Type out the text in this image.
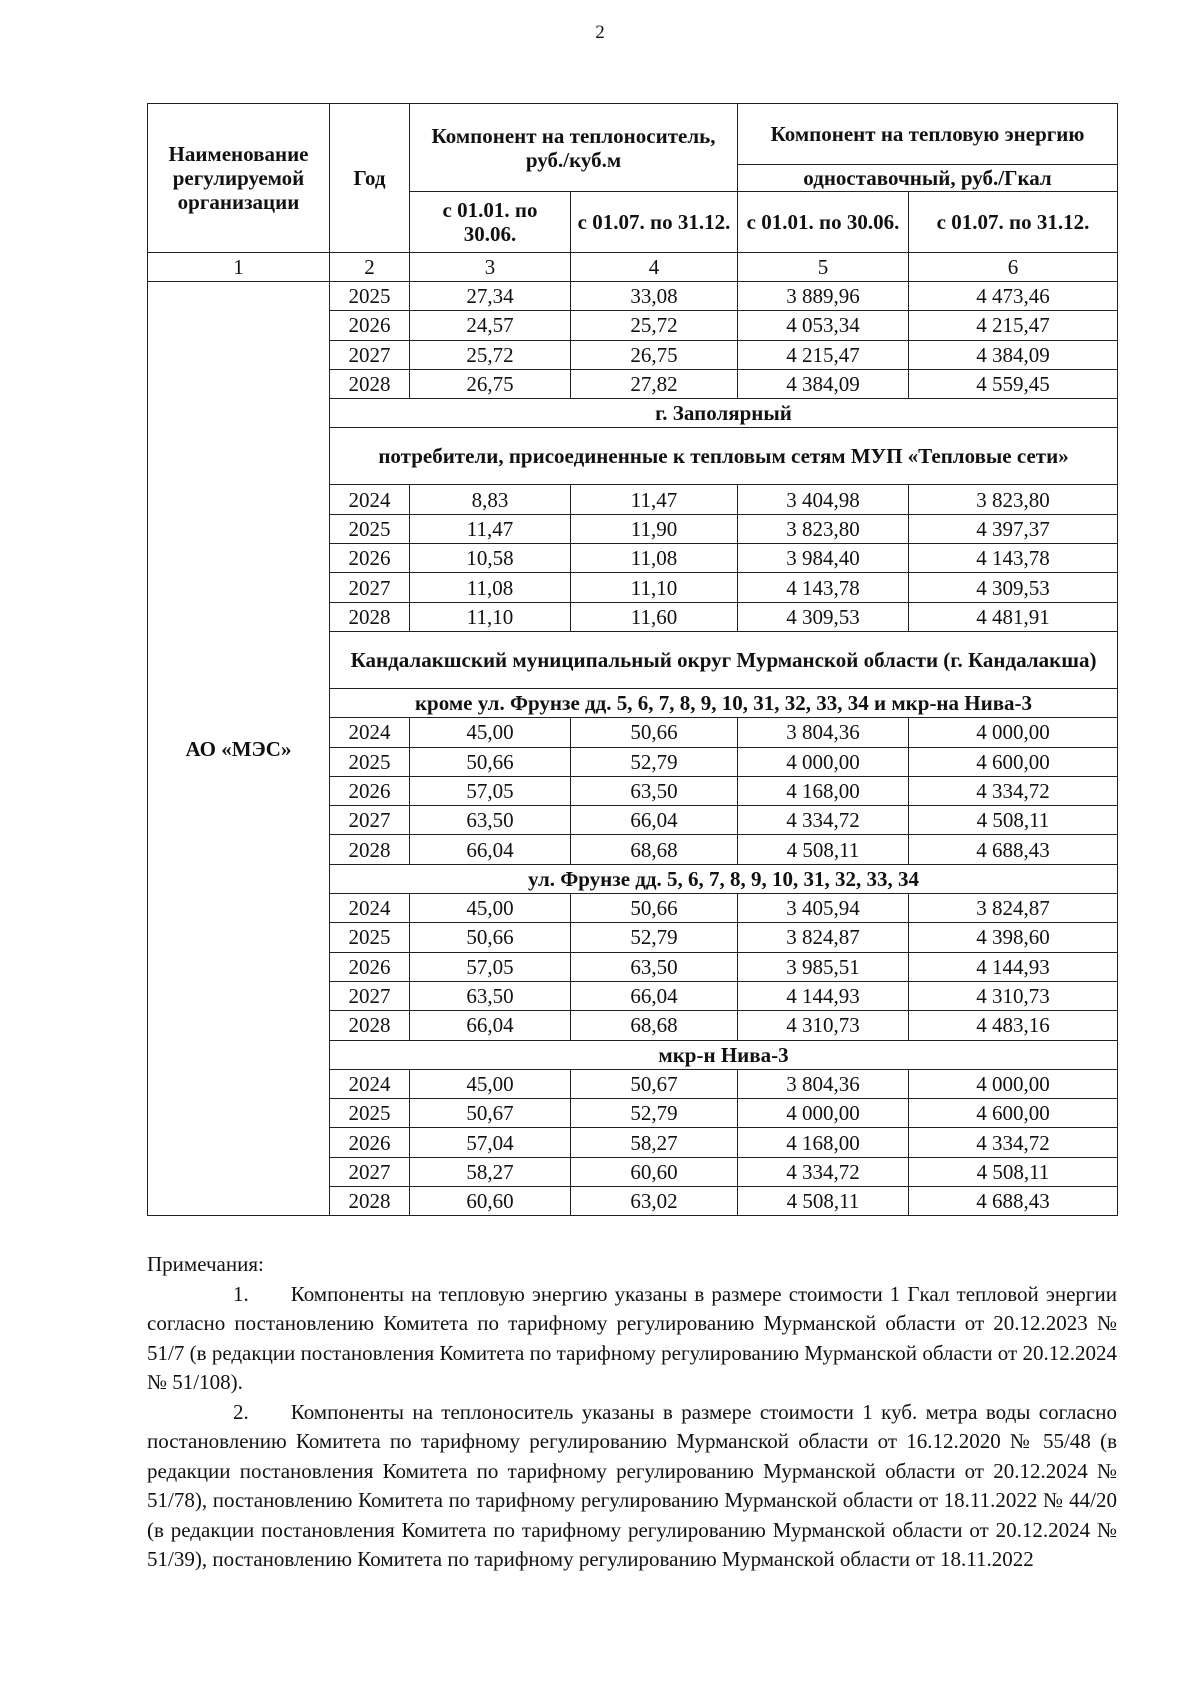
2
Наименование регулируемой организации	Год	Компонент на теплоноситель, руб./куб.м		Компонент на тепловую энергию	
				одноставочный, руб./Гкал	
		с 01.01. по 30.06.	с 01.07. по 31.12.	с 01.01. по 30.06.	с 01.07. по 31.12.
1	2	3	4	5	6
АО «МЭС»	2025	27,34	33,08	3 889,96	4 473,46
	2026	24,57	25,72	4 053,34	4 215,47
	2027	25,72	26,75	4 215,47	4 384,09
	2028	26,75	27,82	4 384,09	4 559,45
	г. Заполярный				
	потребители, присоединенные к тепловым сетям МУП «Тепловые сети»				
	2024	8,83	11,47	3 404,98	3 823,80
	2025	11,47	11,90	3 823,80	4 397,37
	2026	10,58	11,08	3 984,40	4 143,78
	2027	11,08	11,10	4 143,78	4 309,53
	2028	11,10	11,60	4 309,53	4 481,91
	Кандалакшский муниципальный округ Мурманской области (г. Кандалакша)				
	кроме ул. Фрунзе дд. 5, 6, 7, 8, 9, 10, 31, 32, 33, 34 и мкр-на Нива-3				
	2024	45,00	50,66	3 804,36	4 000,00
	2025	50,66	52,79	4 000,00	4 600,00
	2026	57,05	63,50	4 168,00	4 334,72
	2027	63,50	66,04	4 334,72	4 508,11
	2028	66,04	68,68	4 508,11	4 688,43
	ул. Фрунзе дд. 5, 6, 7, 8, 9, 10, 31, 32, 33, 34				
	2024	45,00	50,66	3 405,94	3 824,87
	2025	50,66	52,79	3 824,87	4 398,60
	2026	57,05	63,50	3 985,51	4 144,93
	2027	63,50	66,04	4 144,93	4 310,73
	2028	66,04	68,68	4 310,73	4 483,16
	мкр-н Нива-3				
	2024	45,00	50,67	3 804,36	4 000,00
	2025	50,67	52,79	4 000,00	4 600,00
	2026	57,04	58,27	4 168,00	4 334,72
	2027	58,27	60,60	4 334,72	4 508,11
	2028	60,60	63,02	4 508,11	4 688,43

Примечания:

1.  Компоненты на тепловую энергию указаны в размере стоимости 1 Гкал тепловой энергии согласно постановлению Комитета по тарифному регулированию Мурманской области от 20.12.2023 № 51/7 (в редакции постановления Комитета по тарифному регулированию Мурманской области от 20.12.2024 № 51/108).

2.  Компоненты на теплоноситель указаны в размере стоимости 1 куб. метра воды согласно постановлению Комитета по тарифному регулированию Мурманской области от 16.12.2020 № 55/48 (в редакции постановления Комитета по тарифному регулированию Мурманской области от 20.12.2024 № 51/78), постановлению Комитета по тарифному регулированию Мурманской области от 18.11.2022 № 44/20 (в редакции постановления Комитета по тарифному регулированию Мурманской области от 20.12.2024 № 51/39), постановлению Комитета по тарифному регулированию Мурманской области от 18.11.2022
